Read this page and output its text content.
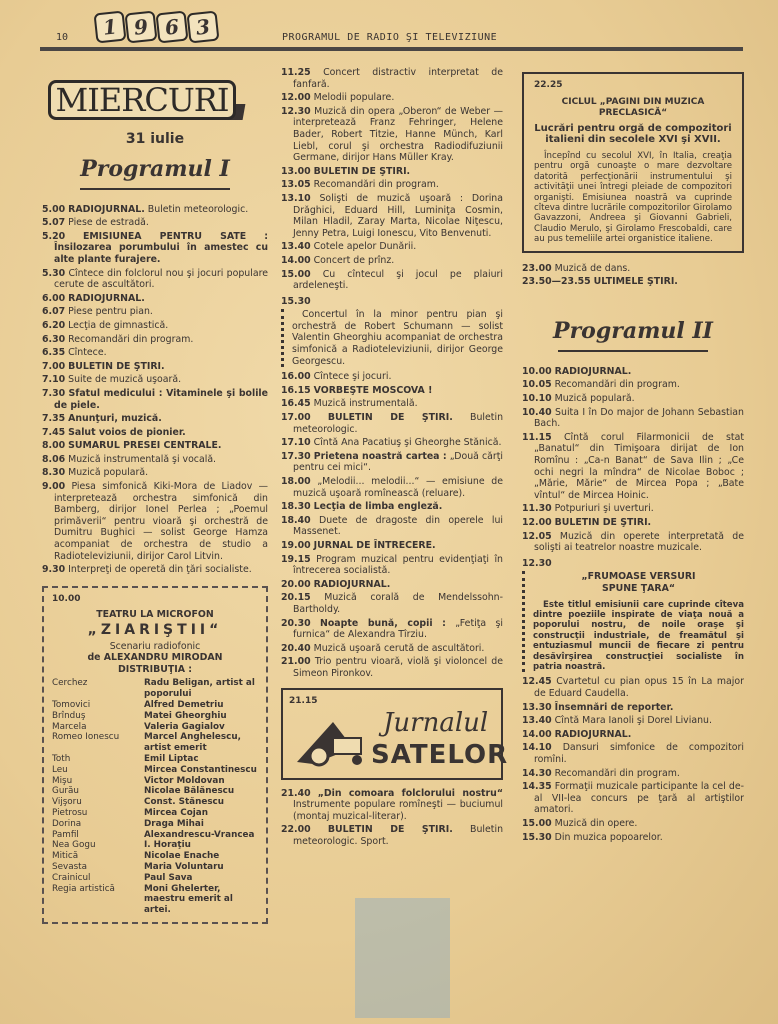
10	1 9 6 3	PROGRAMUL DE RADIO ŞI TELEVIZIUNE
MIERCURI
31 iulie
Programul I
5.00 RADIOJURNAL. Buletin meteorologic.
5.07 Piese de estradă.
5.20 EMISIUNEA PENTRU SATE : Însilozarea porumbului în amestec cu alte plante furajere.
5.30 Cîntece din folclorul nou şi jocuri populare cerute de ascultători.
6.00 RADIOJURNAL.
6.07 Piese pentru pian.
6.20 Lecţia de gimnastică.
6.30 Recomandări din program.
6.35 Cîntece.
7.00 BULETIN DE ŞTIRI.
7.10 Suite de muzică uşoară.
7.30 Sfatul medicului : Vitaminele şi bolile de piele.
7.35 Anunţuri, muzică.
7.45 Salut voios de pionier.
8.00 SUMARUL PRESEI CENTRALE.
8.06 Muzică instrumentală şi vocală.
8.30 Muzică populară.
9.00 Piesa simfonică Kiki-Mora de Liadov — interpretează orchestra simfonică din Bamberg, dirijor Ionel Perlea ; „Poemul primăverii“ pentru vioară şi orchestră de Dumitru Bughici — solist George Hamza acompaniat de orchestra de studio a Radioteleviziunii, dirijor Carol Litvin.
9.30 Interpreţi de operetă din ţări socialiste.
10.00
TEATRU LA MICROFON
„ZIARIŞTII“
Scenariu radiofonic
de ALEXANDRU MIRODAN
DISTRIBUŢIA :
Cerchez	Radu Beligan, artist al poporului
Tomovici	Alfred Demetriu
Brînduş	Matei Gheorghiu
Marcela	Valeria Gagialov
Romeo Ionescu	Marcel Anghelescu, artist emerit
Toth	Emil Liptac
Leu	Mircea Constantinescu
Mişu	Victor Moldovan
Gurău	Nicolae Bălănescu
Vijşoru	Const. Stănescu
Pietrosu	Mircea Cojan
Dorina	Draga Mihai
Pamfil	Alexandrescu-Vrancea
Nea Gogu	I. Horaţiu
Mitică	Nicolae Enache
Sevasta	Maria Voluntaru
Crainicul	Paul Sava
Regia artistică	Moni Ghelerter, maestru emerit al artei.
11.25 Concert distractiv interpretat de fanfară.
12.00 Melodii populare.
12.30 Muzică din opera „Oberon“ de Weber — interpretează Franz Fehringer, Helene Bader, Robert Titzie, Hanne Münch, Karl Liebl, corul şi orchestra Radiodifuziunii Germane, dirijor Hans Müller Kray.
13.00 BULETIN DE ŞTIRI.
13.05 Recomandări din program.
13.10 Solişti de muzică uşoară : Dorina Drăghici, Eduard Hill, Luminiţa Cosmin, Milan Hladil, Zaray Marta, Nicolae Niţescu, Jenny Petra, Luigi Ionescu, Vito Benvenuti.
13.40 Cotele apelor Dunării.
14.00 Concert de prînz.
15.00 Cu cîntecul şi jocul pe plaiuri ardeleneşti.
15.30
Concertul în la minor pentru pian şi orchestră de Robert Schumann — solist Valentin Gheorghiu acompaniat de orchestra simfonică a Radioteleviziunii, dirijor George Georgescu.
16.00 Cîntece şi jocuri.
16.15 VORBEŞTE MOSCOVA !
16.45 Muzică instrumentală.
17.00 BULETIN DE ŞTIRI. Buletin meteorologic.
17.10 Cîntă Ana Pacatiuş şi Gheorghe Stănică.
17.30 Prietena noastră cartea : „Două cărţi pentru cei mici“.
18.00 „Melodii... melodii...“ — emisiune de muzică uşoară romînească (reluare).
18.30 Lecţia de limba engleză.
18.40 Duete de dragoste din operele lui Massenet.
19.00 JURNAL DE ÎNTRECERE.
19.15 Program muzical pentru evidenţiaţi în întrecerea socialistă.
20.00 RADIOJURNAL.
20.15 Muzică corală de Mendelssohn-Bartholdy.
20.30 Noapte bună, copii : „Fetiţa şi furnica“ de Alexandra Tîrziu.
20.40 Muzică uşoară cerută de ascultători.
21.00 Trio pentru vioară, violă şi violoncel de Simeon Pironkov.
21.15
Jurnalul
SATELOR
21.40 „Din comoara folclorului nostru“ Instrumente populare romîneşti — buciumul (montaj muzical-literar).
22.00 BULETIN DE ŞTIRI. Buletin meteorologic. Sport.
22.25
CICLUL „PAGINI DIN MUZICA PRECLASICĂ“
Lucrări pentru orgă de compozitori italieni din secolele XVI şi XVII.
Începînd cu secolul XVI, în Italia, creaţia pentru orgă cunoaşte o mare dezvoltare datorită perfecţionării instrumentului şi activităţii unei întregi pleiade de compozitori organişti. Emisiunea noastră va cuprinde cîteva dintre lucrările compozitorilor Girolamo Gavazzoni, Andreea şi Giovanni Gabrieli, Claudio Merulo, şi Girolamo Frescobaldi, care au pus temeliile artei organistice italiene.
23.00 Muzică de dans.
23.50—23.55 ULTIMELE ŞTIRI.
Programul II
10.00 RADIOJURNAL.
10.05 Recomandări din program.
10.10 Muzică populară.
10.40 Suita I în Do major de Johann Sebastian Bach.
11.15 Cîntă corul Filarmonicii de stat „Banatul“ din Timişoara dirijat de Ion Romînu : „Ca-n Banat“ de Sava Ilin ; „Ce ochi negri la mîndra“ de Nicolae Boboc ; „Mărie, Mărie“ de Mircea Popa ; „Bate vîntul“ de Mircea Hoinic.
11.30 Potpuriuri şi uverturi.
12.00 BULETIN DE ŞTIRI.
12.05 Muzică din operete interpretată de solişti ai teatrelor noastre muzicale.
12.30
„FRUMOASE VERSURI
SPUNE ŢARA“
Este titlul emisiunii care cuprinde cîteva dintre poeziile inspirate de viaţa nouă a poporului nostru, de noile oraşe şi construcţii industriale, de freamătul şi entuziasmul muncii de fiecare zi pentru desăvîrşirea construcţiei socialiste în patria noastră.
12.45 Cvartetul cu pian opus 15 în La major de Eduard Caudella.
13.30 Însemnări de reporter.
13.40 Cîntă Mara Ianoli şi Dorel Livianu.
14.00 RADIOJURNAL.
14.10 Dansuri simfonice de compozitori romîni.
14.30 Recomandări din program.
14.35 Formaţii muzicale participante la cel de-al VII-lea concurs pe ţară al artiştilor amatori.
15.00 Muzică din opere.
15.30 Din muzica popoarelor.
